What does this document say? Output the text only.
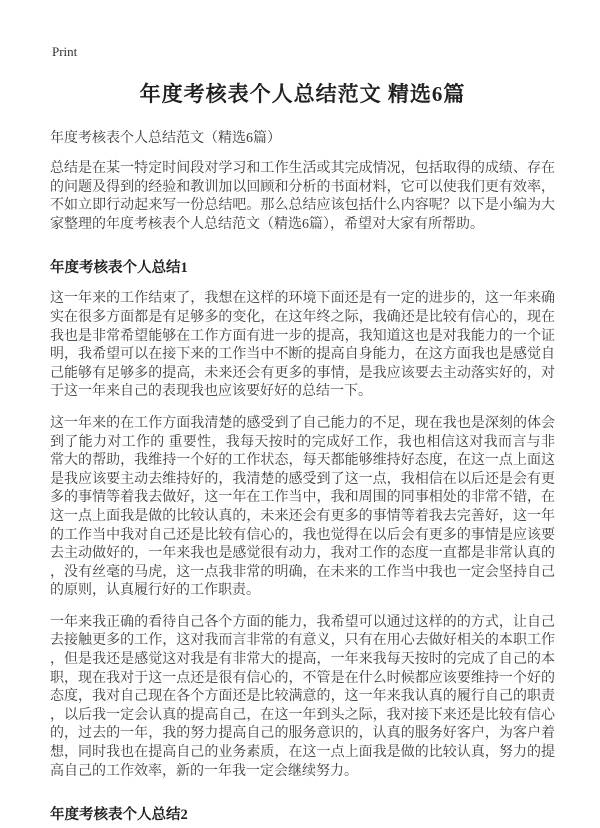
Print
年度考核表个人总结范文 精选6篇

年度考核表个人总结范文（精选6篇）

总结是在某一特定时间段对学习和工作生活或其完成情况，包括取得的成绩、存在的问题及得到的经验和教训加以回顾和分析的书面材料，它可以使我们更有效率，不如立即行动起来写一份总结吧。那么总结应该包括什么内容呢？以下是小编为大家整理的年度考核表个人总结范文（精选6篇），希望对大家有所帮助。

年度考核表个人总结1

这一年来的工作结束了，我想在这样的环境下面还是有一定的进步的，这一年来确实在很多方面都是有足够多的变化，在这年终之际，我确还是比较有信心的，现在我也是非常希望能够在工作方面有进一步的提高，我知道这也是对我能力的一个证明，我希望可以在接下来的工作当中不断的提高自身能力，在这方面我也是感觉自己能够有足够多的提高，未来还会有更多的事情，是我应该要去主动落实好的，对于这一年来自己的表现我也应该要好好的总结一下。

这一年来的在工作方面我清楚的感受到了自己能力的不足，现在我也是深刻的体会到了能力对工作的 重要性，我每天按时的完成好工作，我也相信这对我而言与非常大的帮助，我维持一个好的工作状态，每天都能够维持好态度，在这一点上面这是我应该要主动去维持好的，我清楚的感受到了这一点，我相信在以后还是会有更多的事情等着我去做好，这一年在工作当中，我和周围的同事相处的非常不错，在这一点上面我是做的比较认真的，未来还会有更多的事情等着我去完善好，这一年的工作当中我对自己还是比较有信心的，我也觉得在以后会有更多的事情是应该要去主动做好的，一年来我也是感觉很有动力，我对工作的态度一直都是非常认真的，没有丝毫的马虎，这一点我非常的明确，在未来的工作当中我也一定会坚持自己的原则，认真履行好的工作职责。

一年来我正确的看待自己各个方面的能力，我希望可以通过这样的的方式，让自己去接触更多的工作，这对我而言非常的有意义，只有在用心去做好相关的本职工作，但是我还是感觉这对我是有非常大的提高，一年来我每天按时的完成了自己的本职，现在我对于这一点还是很有信心的，不管是在什么时候都应该要维持一个好的态度，我对自己现在各个方面还是比较满意的，这一年来我认真的履行自己的职责，以后我一定会认真的提高自己，在这一年到头之际，我对接下来还是比较有信心的，过去的一年，我的努力提高自己的服务意识的，认真的服务好客户，为客户着想，同时我也在提高自己的业务素质，在这一点上面我是做的比较认真，努力的提高自己的工作效率，新的一年我一定会继续努力。

年度考核表个人总结2
